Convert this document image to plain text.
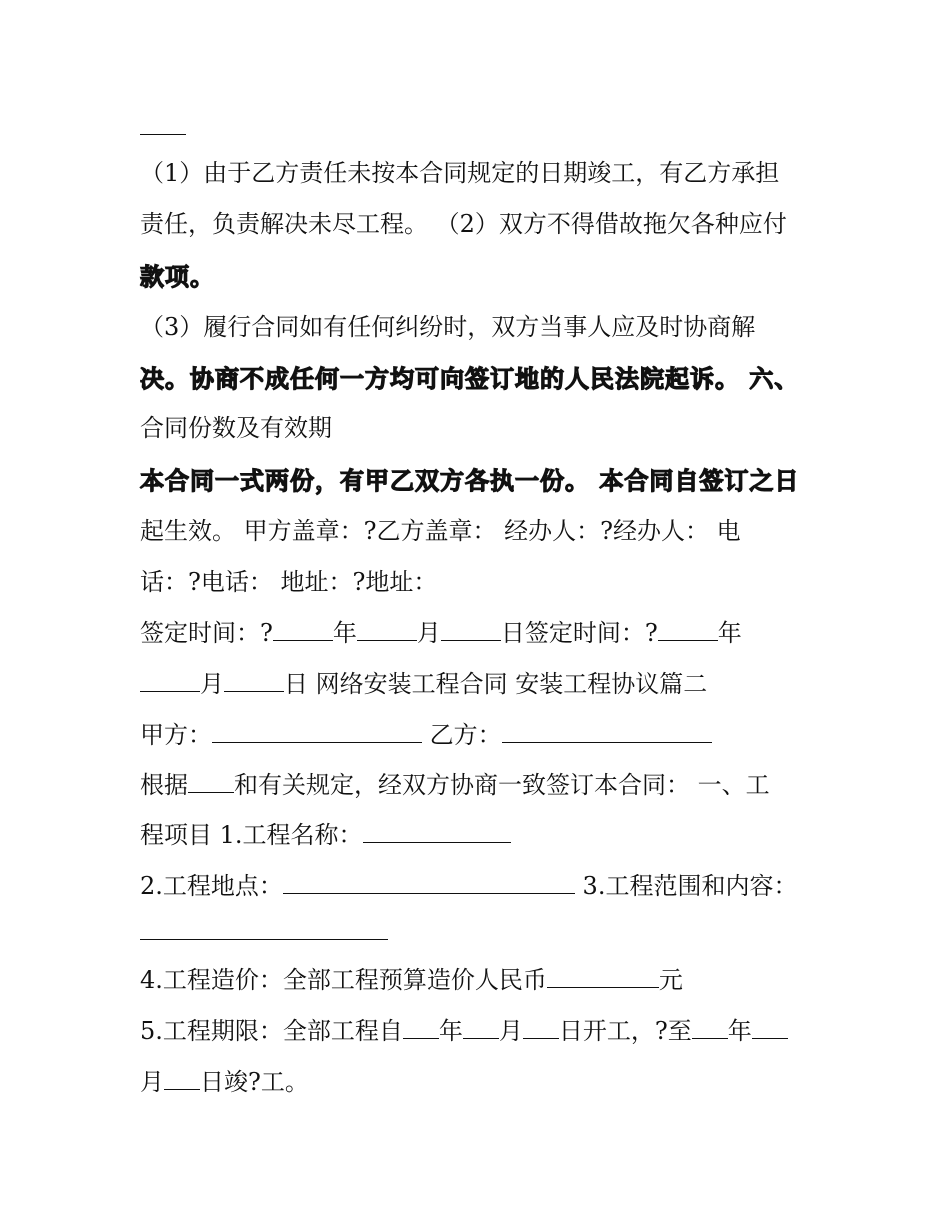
（1）由于乙方责任未按本合同规定的日期竣工，有乙方承担
责任，负责解决未尽工程。 （2）双方不得借故拖欠各种应付
款项。
（3）履行合同如有任何纠纷时，双方当事人应及时协商解
决。协商不成任何一方均可向签订地的人民法院起诉。 六、
合同份数及有效期
本合同一式两份，有甲乙双方各执一份。 本合同自签订之日
起生效。 甲方盖章：?乙方盖章： 经办人：?经办人： 电
话：?电话： 地址：?地址：
签定时间：?	年	月	日签定时间：?	年
月	日 网络安装工程合同 安装工程协议篇二
甲方：	乙方：
根据 和有关规定，经双方协商一致签订本合同： 一、工
程项目 1.工程名称：
2.工程地点：	3.工程范围和内容：
4.工程造价：全部工程预算造价人民币	元
5.工程期限：全部工程自 年 月 日开工，?至 年
月 日竣?工。
